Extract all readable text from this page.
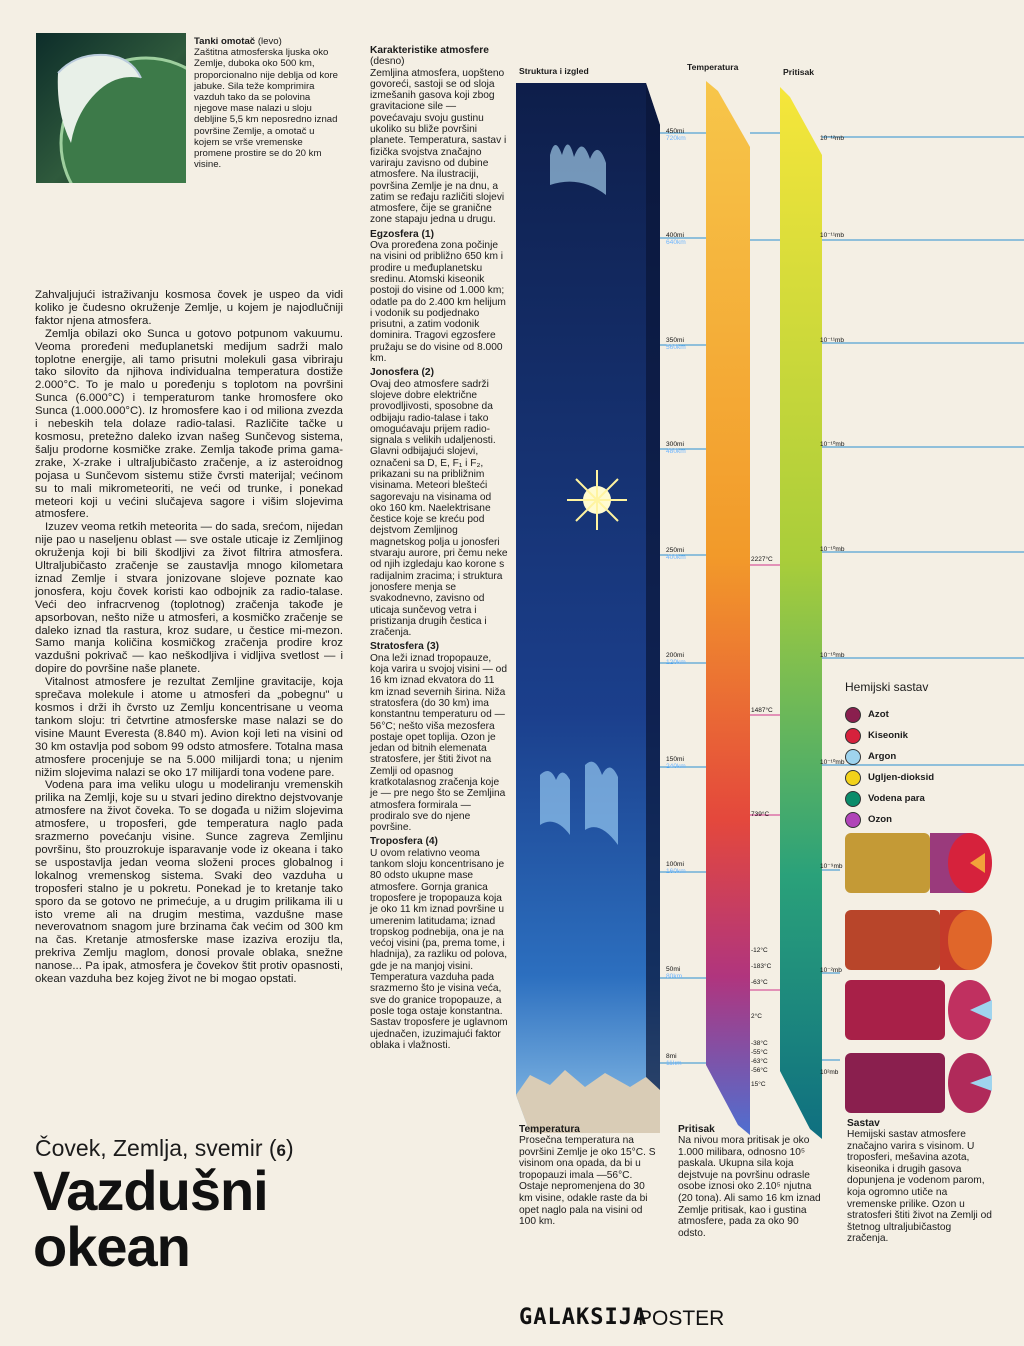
Tanki omotač (levo)
Zaštitna atmosferska ljuska oko Zemlje, duboka oko 500 km, proporcionalno nije deblja od kore jabuke. Sila teže komprimira vazduh tako da se polovina njegove mase nalazi u sloju debljine 5,5 km neposredno iznad površine Zemlje, a omotač u kojem se vrše vremenske promene prostire se do 20 km visine.

Zahvaljujući istraživanju kosmosa čovek je uspeo da vidi koliko je čudesno okruženje Zemlje, u kojem je najodlučniji faktor njena atmosfera.

Zemlja obilazi oko Sunca u gotovo potpunom vakuumu. Veoma proređeni međuplanetski medijum sadrži malo toplotne energije, ali tamo prisutni molekuli gasa vibriraju tako silovito da njihova individualna temperatura dostiže 2.000°C. To je malo u poređenju s toplotom na površini Sunca (6.000°C) i temperaturom tanke hromosfere oko Sunca (1.000.000°C). Iz hromosfere kao i od miliona zvezda i nebeskih tela dolaze radio-talasi. Različite tačke u kosmosu, pretežno daleko izvan našeg Sunčevog sistema, šalju prodorne kosmičke zrake. Zemlja takođe prima gama-zrake, X-zrake i ultraljubičasto zračenje, a iz asteroidnog pojasa u Sunčevom sistemu stiže čvrsti materijal; većinom su to mali mikrometeoriti, ne veći od trunke, i ponekad meteori koji u većini slučajeva sagore i višim slojevima atmosfere.

Izuzev veoma retkih meteorita — do sada, srećom, nijedan nije pao u naseljenu oblast — sve ostale uticaje iz Zemljinog okruženja koji bi bili škodljivi za život filtrira atmosfera. Ultraljubičasto zračenje se zaustavlja mnogo kilometara iznad Zemlje i stvara jonizovane slojeve poznate kao jonosfera, koju čovek koristi kao odbojnik za radio-talase. Veći deo infracrvenog (toplotnog) zračenja takođe je apsorbovan, nešto niže u atmosferi, a kosmičko zračenje se daleko iznad tla rastura, kroz sudare, u čestice mi-mezon. Samo manja količina kosmičkog zračenja prodire kroz vazdušni pokrivač — kao neškodljiva i vidljiva svetlost — i dopire do površine naše planete.

Vitalnost atmosfere je rezultat Zemljine gravitacije, koja sprečava molekule i atome u atmosferi da „pobegnu" u kosmos i drži ih čvrsto uz Zemlju koncentrisane u veoma tankom sloju: tri četvrtine atmosferske mase nalazi se do visine Maunt Everesta (8.840 m). Avion koji leti na visini od 30 km ostavlja pod sobom 99 odsto atmosfere. Totalna masa atmosfere procenjuje se na 5.000 milijardi tona; u njenim nižim slojevima nalazi se oko 17 milijardi tona vodene pare.

Vodena para ima veliku ulogu u modeliranju vremenskih prilika na Zemlji, koje su u stvari jedino direktno dejstvovanje atmosfere na život čoveka. To se događa u nižim slojevima atmosfere, u troposferi, gde temperatura naglo pada srazmerno povećanju visine. Sunce zagreva Zemljinu površinu, što prouzrokuje isparavanje vode iz okeana i tako se uspostavlja jedan veoma složeni proces globalnog i lokalnog vremenskog sistema. Svaki deo vazduha u troposferi stalno je u pokretu. Ponekad je to kretanje tako sporo da se gotovo ne primećuje, a u drugim prilikama ili u isto vreme ali na drugim mestima, vazdušne mase neverovatnom snagom jure brzinama čak većim od 300 km na čas. Kretanje atmosferske mase izaziva eroziju tla, prekriva Zemlju maglom, donosi provale oblaka, snežne nanose... Pa ipak, atmosfera je čovekov štit protiv opasnosti, okean vazduha bez kojeg život ne bi mogao opstati.

Čovek, Zemlja, svemir (6)
Vazdušni
okean
Karakteristike atmosfere

(desno)

Zemljina atmosfera, uopšteno govoreći, sastoji se od sloja izmešanih gasova koji zbog gravitacione sile — povećavaju svoju gustinu ukoliko su bliže površini planete. Temperatura, sastav i fizička svojstva značajno variraju zavisno od dubine atmosfere. Na ilustraciji, površina Zemlje je na dnu, a zatim se ređaju različiti slojevi atmosfere, čije se granične zone stapaju jedna u drugu.

Egzosfera (1)

Ova proređena zona počinje na visini od približno 650 km i prodire u međuplanetsku sredinu. Atomski kiseonik postoji do visine od 1.000 km; odatle pa do 2.400 km helijum i vodonik su podjednako prisutni, a zatim vodonik dominira. Tragovi egzosfere pružaju se do visine od 8.000 km.

Jonosfera (2)

Ovaj deo atmosfere sadrži slojeve dobre električne provodljivosti, sposobne da odbijaju radio-talase i tako omogućavaju prijem radio-signala s velikih udaljenosti. Glavni odbijajući slojevi, označeni sa D, E, F₁ i F₂, prikazani su na približnim visinama. Meteori blešteći sagorevaju na visinama od oko 160 km. Naelektrisane čestice koje se kreću pod dejstvom Zemljinog magnetskog polja u jonosferi stvaraju aurore, pri čemu neke od njih izgledaju kao korone s radijalnim zracima; i struktura jonosfere menja se svakodnevno, zavisno od uticaja sunčevog vetra i pristizanja drugih čestica i zračenja.

Stratosfera (3)

Ona leži iznad tropopauze, koja varira u svojoj visini — od 16 km iznad ekvatora do 11 km iznad severnih širina. Niža stratosfera (do 30 km) ima konstantnu temperaturu od —56°C; nešto viša mezosfera postaje opet toplija. Ozon je jedan od bitnih elemenata stratosfere, jer štiti život na Zemlji od opasnog kratkotalasnog zračenja koje je — pre nego što se Zemljina atmosfera formirala — prodiralo sve do njene površine.

Troposfera (4)

U ovom relativno veoma tankom sloju koncentrisano je 80 odsto ukupne mase atmosfere. Gornja granica troposfere je tropopauza koja je oko 11 km iznad površine u umerenim latitudama; iznad tropskog podnebija, ona je na većoj visini (pa, prema tome, i hladnija), za razliku od polova, gde je na manjoj visini. Temperatura vazduha pada srazmerno što je visina veća, sve do granice tropopauze, a posle toga ostaje konstantna. Sastav troposfere je uglavnom ujednačen, izuzimajući faktor oblaka i vlažnosti.

Struktura i izgled	Temperatura	Pritisak
450mi
720km
400mi
640km
350mi
560km
300mi
480km
250mi
400km
200mi
120km
150mi
240km
100mi
160km
50mi
80km
8mi
11km
2227°C
1487°C
739°C
-12°C
-183°C
-63°C
2°C
-38°C
-55°C
-63°C
-56°C
15°C
10⁻¹²mb
10⁻¹¹mb
10⁻¹¹mb
10⁻¹⁰mb
10⁻¹⁰mb
10⁻¹⁰mb
10⁻¹⁰mb
10⁻⁹mb
10⁻²mb
10²mb
Hemijski sastav
Azot
Kiseonik
Argon
Ugljen-dioksid
Vodena para
Ozon
Temperatura
Prosečna temperatura na površini Zemlje je oko 15°C. S visinom ona opada, da bi u tropopauzi imala —56°C. Ostaje nepromenjena do 30 km visine, odakle raste da bi opet naglo pala na visini od 100 km.
Pritisak
Na nivou mora pritisak je oko 1.000 milibara, odnosno 10⁵ paskala. Ukupna sila koja dejstvuje na površinu odrasle osobe iznosi oko 2.10⁵ njutna (20 tona). Ali samo 16 km iznad Zemlje pritisak, kao i gustina atmosfere, pada za oko 90 odsto.
Sastav
Hemijski sastav atmosfere značajno varira s visinom. U troposferi, mešavina azota, kiseonika i drugih gasova dopunjena je vodenom parom, koja ogromno utiče na vremenske prilike. Ozon u stratosferi štiti život na Zemlji od štetnog ultraljubičastog zračenja.
GALAKSIJA
POSTER
